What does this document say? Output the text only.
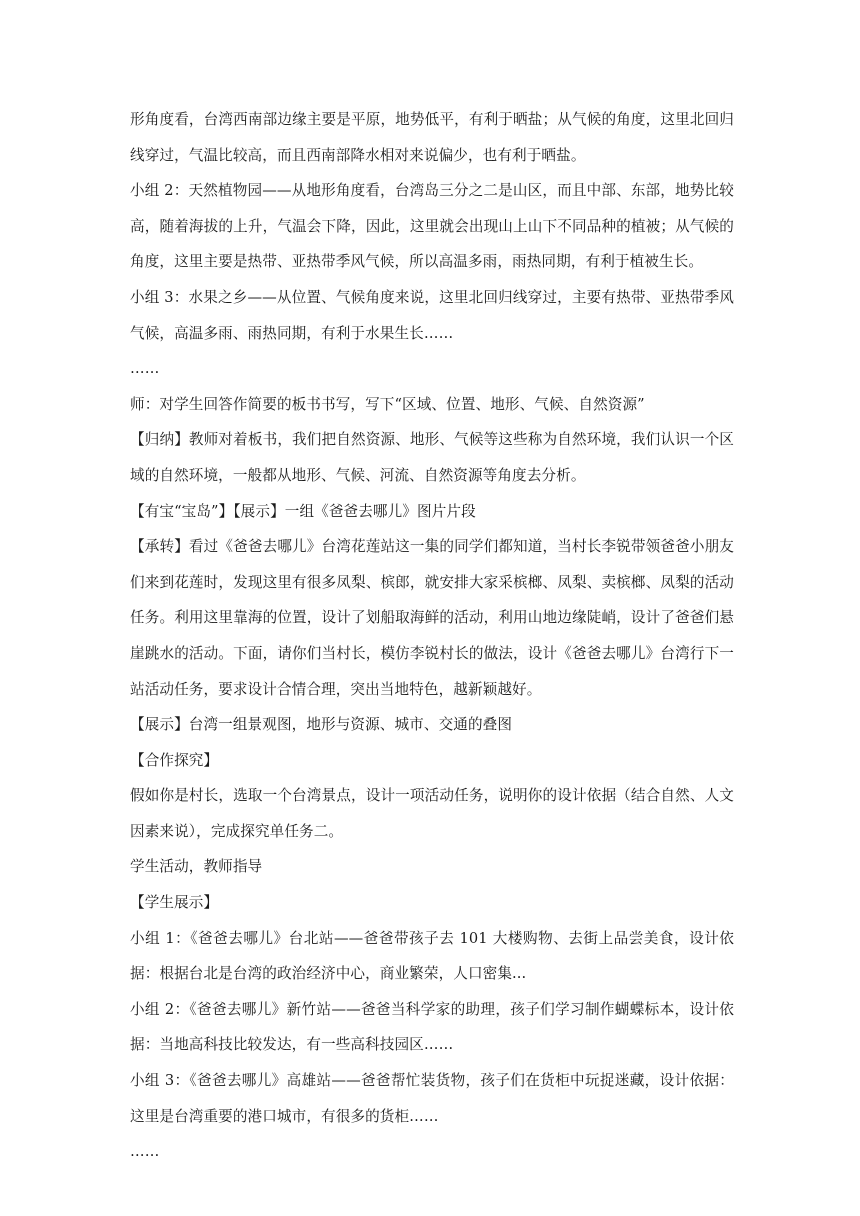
形角度看，台湾西南部边缘主要是平原，地势低平，有利于晒盐；从气候的角度，这里北回归线穿过，气温比较高，而且西南部降水相对来说偏少，也有利于晒盐。

小组 2：天然植物园——从地形角度看，台湾岛三分之二是山区，而且中部、东部，地势比较高，随着海拔的上升，气温会下降，因此，这里就会出现山上山下不同品种的植被；从气候的角度，这里主要是热带、亚热带季风气候，所以高温多雨，雨热同期，有利于植被生长。

小组 3：水果之乡——从位置、气候角度来说，这里北回归线穿过，主要有热带、亚热带季风气候，高温多雨、雨热同期，有利于水果生长……

……

师：对学生回答作简要的板书书写，写下“区域、位置、地形、气候、自然资源”

【归纳】教师对着板书，我们把自然资源、地形、气候等这些称为自然环境，我们认识一个区域的自然环境，一般都从地形、气候、河流、自然资源等角度去分析。

【有宝“宝岛”】【展示】一组《爸爸去哪儿》图片片段

【承转】看过《爸爸去哪儿》台湾花莲站这一集的同学们都知道，当村长李锐带领爸爸小朋友们来到花莲时，发现这里有很多凤梨、槟郎，就安排大家采槟榔、凤梨、卖槟榔、凤梨的活动任务。利用这里靠海的位置，设计了划船取海鲜的活动，利用山地边缘陡峭，设计了爸爸们悬崖跳水的活动。下面，请你们当村长，模仿李锐村长的做法，设计《爸爸去哪儿》台湾行下一站活动任务，要求设计合情合理，突出当地特色，越新颖越好。

【展示】台湾一组景观图，地形与资源、城市、交通的叠图

【合作探究】

假如你是村长，选取一个台湾景点，设计一项活动任务，说明你的设计依据（结合自然、人文因素来说），完成探究单任务二。

学生活动，教师指导

【学生展示】

小组 1：《爸爸去哪儿》台北站——爸爸带孩子去 101 大楼购物、去街上品尝美食，设计依据：根据台北是台湾的政治经济中心，商业繁荣，人口密集...

小组 2：《爸爸去哪儿》新竹站——爸爸当科学家的助理，孩子们学习制作蝴蝶标本，设计依据：当地高科技比较发达，有一些高科技园区……

小组 3：《爸爸去哪儿》高雄站——爸爸帮忙装货物，孩子们在货柜中玩捉迷藏，设计依据：这里是台湾重要的港口城市，有很多的货柜……

……
